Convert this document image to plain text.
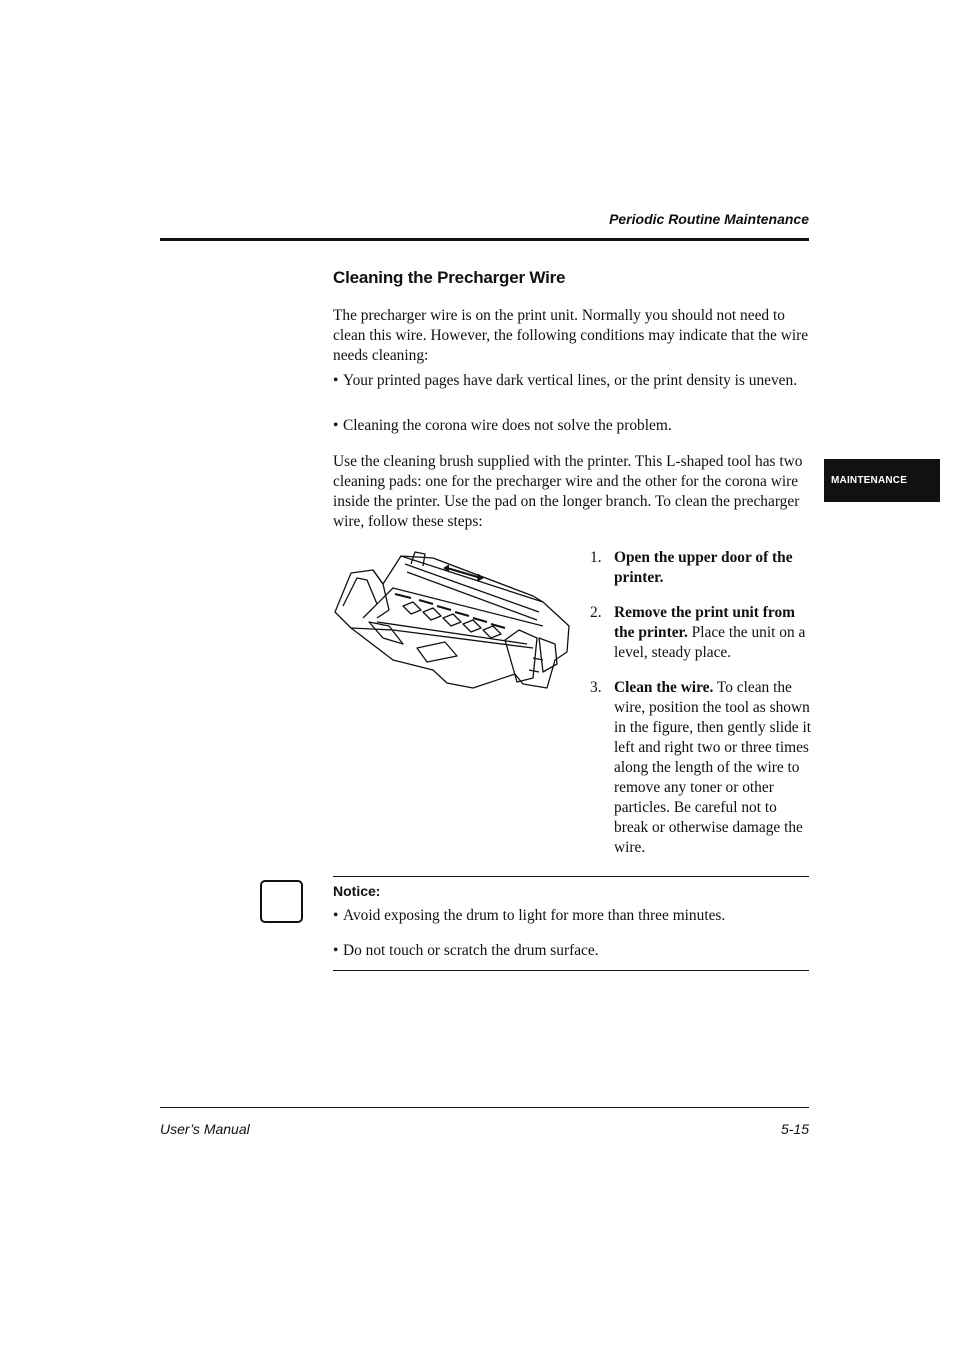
Periodic Routine Maintenance
MAINTENANCE
Cleaning the Precharger Wire
The precharger wire is on the print unit. Normally you should not need to clean this wire. However, the following conditions may indicate that the wire needs cleaning:
• Your printed pages have dark vertical lines, or the print density is uneven.
• Cleaning the corona wire does not solve the problem.
Use the cleaning brush supplied with the printer. This L-shaped tool has two cleaning pads: one for the precharger wire and the other for the corona wire inside the printer. Use the pad on the longer branch. To clean the precharger wire, follow these steps:
1. Open the upper door of the printer.
2. Remove the print unit from the printer. Place the unit on a level, steady place.
3. Clean the wire. To clean the wire, position the tool as shown in the figure, then gently slide it left and right two or three times along the length of the wire to remove any toner or other particles. Be careful not to break or otherwise damage the wire.
Notice:
• Avoid exposing the drum to light for more than three minutes.
• Do not touch or scratch the drum surface.
User’s Manual	5-15
